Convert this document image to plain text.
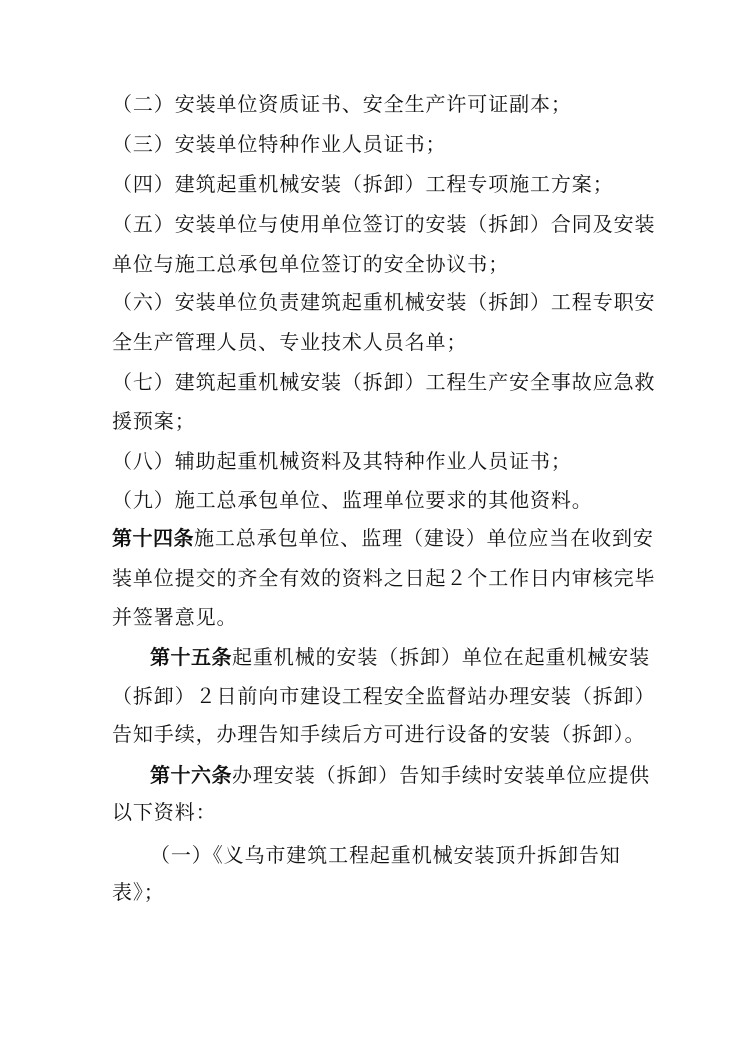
（二）安装单位资质证书、安全生产许可证副本；
（三）安装单位特种作业人员证书；
（四）建筑起重机械安装（拆卸）工程专项施工方案；
（五）安装单位与使用单位签订的安装（拆卸）合同及安装
单位与施工总承包单位签订的安全协议书；
（六）安装单位负责建筑起重机械安装（拆卸）工程专职安
全生产管理人员、专业技术人员名单；
（七）建筑起重机械安装（拆卸）工程生产安全事故应急救
援预案；
（八）辅助起重机械资料及其特种作业人员证书；
（九）施工总承包单位、监理单位要求的其他资料。
第十四条施工总承包单位、监理（建设）单位应当在收到安
装单位提交的齐全有效的资料之日起２个工作日内审核完毕
并签署意见。
第十五条起重机械的安装（拆卸）单位在起重机械安装
（拆卸）２日前向市建设工程安全监督站办理安装（拆卸）
告知手续，办理告知手续后方可进行设备的安装（拆卸）。
第十六条办理安装（拆卸）告知手续时安装单位应提供
以下资料：
（一）《义乌市建筑工程起重机械安装顶升拆卸告知
表》；
